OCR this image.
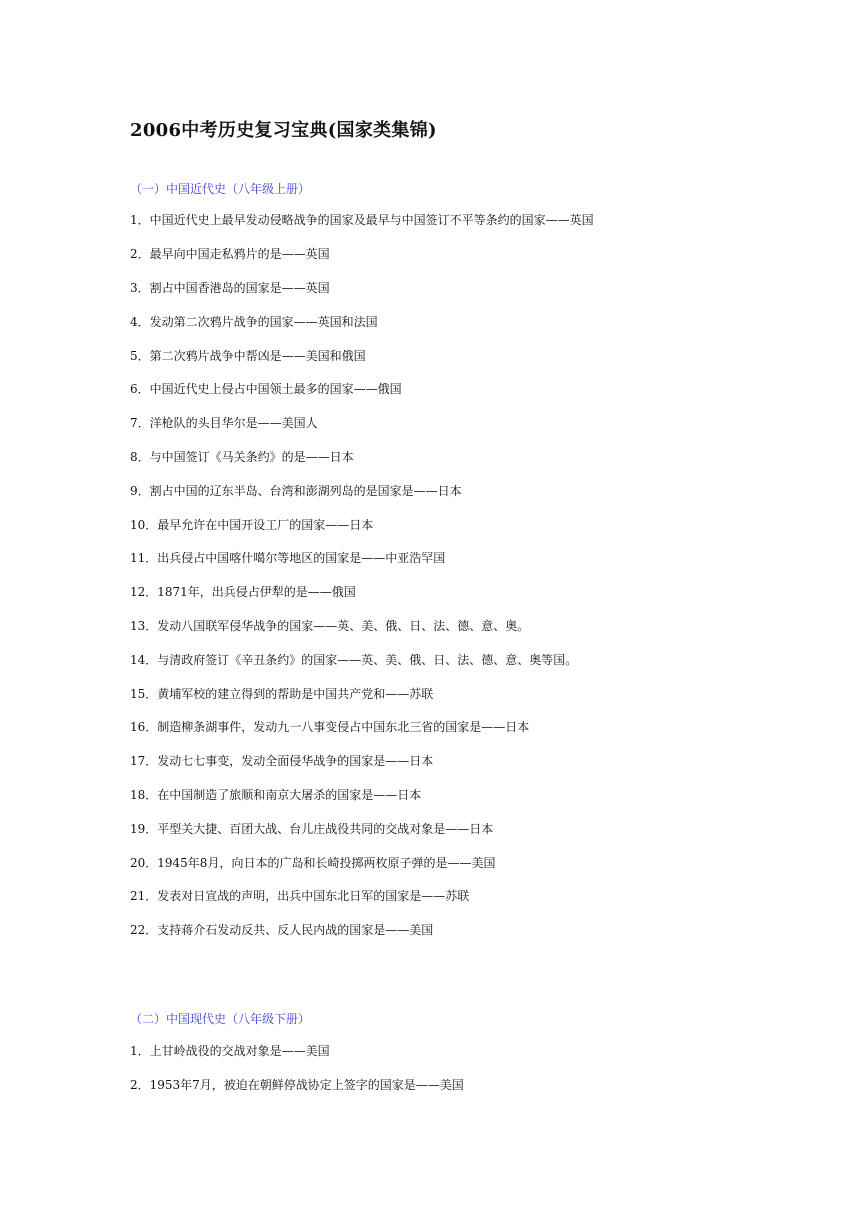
2006中考历史复习宝典(国家类集锦)
（一）中国近代史（八年级上册）
1．中国近代史上最早发动侵略战争的国家及最早与中国签订不平等条约的国家——英国
2．最早向中国走私鸦片的是——英国
3．割占中国香港岛的国家是——英国
4．发动第二次鸦片战争的国家——英国和法国
5．第二次鸦片战争中帮凶是——美国和俄国
6．中国近代史上侵占中国领土最多的国家——俄国
7．洋枪队的头目华尔是——美国人
8．与中国签订《马关条约》的是——日本
9．割占中国的辽东半岛、台湾和澎湖列岛的是国家是——日本
10．最早允许在中国开设工厂的国家——日本
11．出兵侵占中国喀什噶尔等地区的国家是——中亚浩罕国
12．1871年，出兵侵占伊犁的是——俄国
13．发动八国联军侵华战争的国家——英、美、俄、日、法、德、意、奥。
14．与清政府签订《辛丑条约》的国家——英、美、俄、日、法、德、意、奥等国。
15．黄埔军校的建立得到的帮助是中国共产党和——苏联
16．制造柳条湖事件，发动九一八事变侵占中国东北三省的国家是——日本
17．发动七七事变，发动全面侵华战争的国家是——日本
18．在中国制造了旅顺和南京大屠杀的国家是——日本
19．平型关大捷、百团大战、台儿庄战役共同的交战对象是——日本
20．1945年8月，向日本的广岛和长崎投掷两枚原子弹的是——美国
21．发表对日宣战的声明，出兵中国东北日军的国家是——苏联
22．支持蒋介石发动反共、反人民内战的国家是——美国
（二）中国现代史（八年级下册）
1．上甘岭战役的交战对象是——美国
2．1953年7月，被迫在朝鲜停战协定上签字的国家是——美国
